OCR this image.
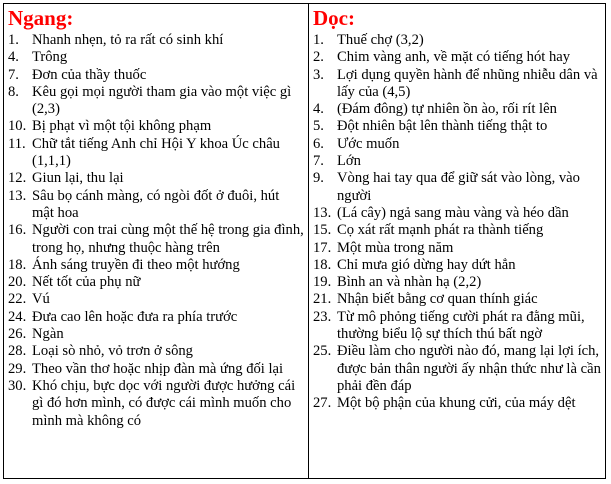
Ngang:
1. Nhanh nhẹn, tỏ ra rất có sinh khí
4. Trông
7. Đơn của thầy thuốc
8. Kêu gọi mọi người tham gia vào một việc gì (2,3)
10. Bị phạt vì một tội không phạm
11. Chữ tắt tiếng Anh chỉ Hội Y khoa Úc châu (1,1,1)
12. Giun lại, thu lại
13. Sâu bọ cánh màng, có ngòi đốt ở đuôi, hút mật hoa
16. Người con trai cùng một thế hệ trong gia đình, trong họ, nhưng thuộc hàng trên
18. Ánh sáng truyền đi theo một hướng
20. Nết tốt của phụ nữ
22. Vú
24. Đưa cao lên hoặc đưa ra phía trước
26. Ngàn
28. Loại sò nhỏ, vỏ trơn ở sông
29. Theo vần thơ hoặc nhịp đàn mà ứng đối lại
30. Khó chịu, bực dọc với người được hưởng cái gì đó hơn mình, có được cái mình muốn cho mình mà không có
Dọc:
1. Thuế chợ (3,2)
2. Chim vàng anh, về mặt có tiếng hót hay
3. Lợi dụng quyền hành để nhũng nhiễu dân và lấy của (4,5)
4. (Đám đông) tự nhiên ồn ào, rối rít lên
5. Đột nhiên bật lên thành tiếng thật to
6. Ước muốn
7. Lớn
9. Vòng hai tay qua để giữ sát vào lòng, vào người
13. (Lá cây) ngả sang màu vàng và héo dần
15. Cọ xát rất mạnh phát ra thành tiếng
17. Một mùa trong năm
18. Chỉ mưa gió dừng hay dứt hẳn
19. Bình an và nhàn hạ (2,2)
21. Nhận biết bằng cơ quan thính giác
23. Từ mô phỏng tiếng cười phát ra đằng mũi, thường biểu lộ sự thích thú bất ngờ
25. Điều làm cho người nào đó, mang lại lợi ích, được bản thân người ấy nhận thức như là cần phải đền đáp
27. Một bộ phận của khung cửi, của máy dệt
